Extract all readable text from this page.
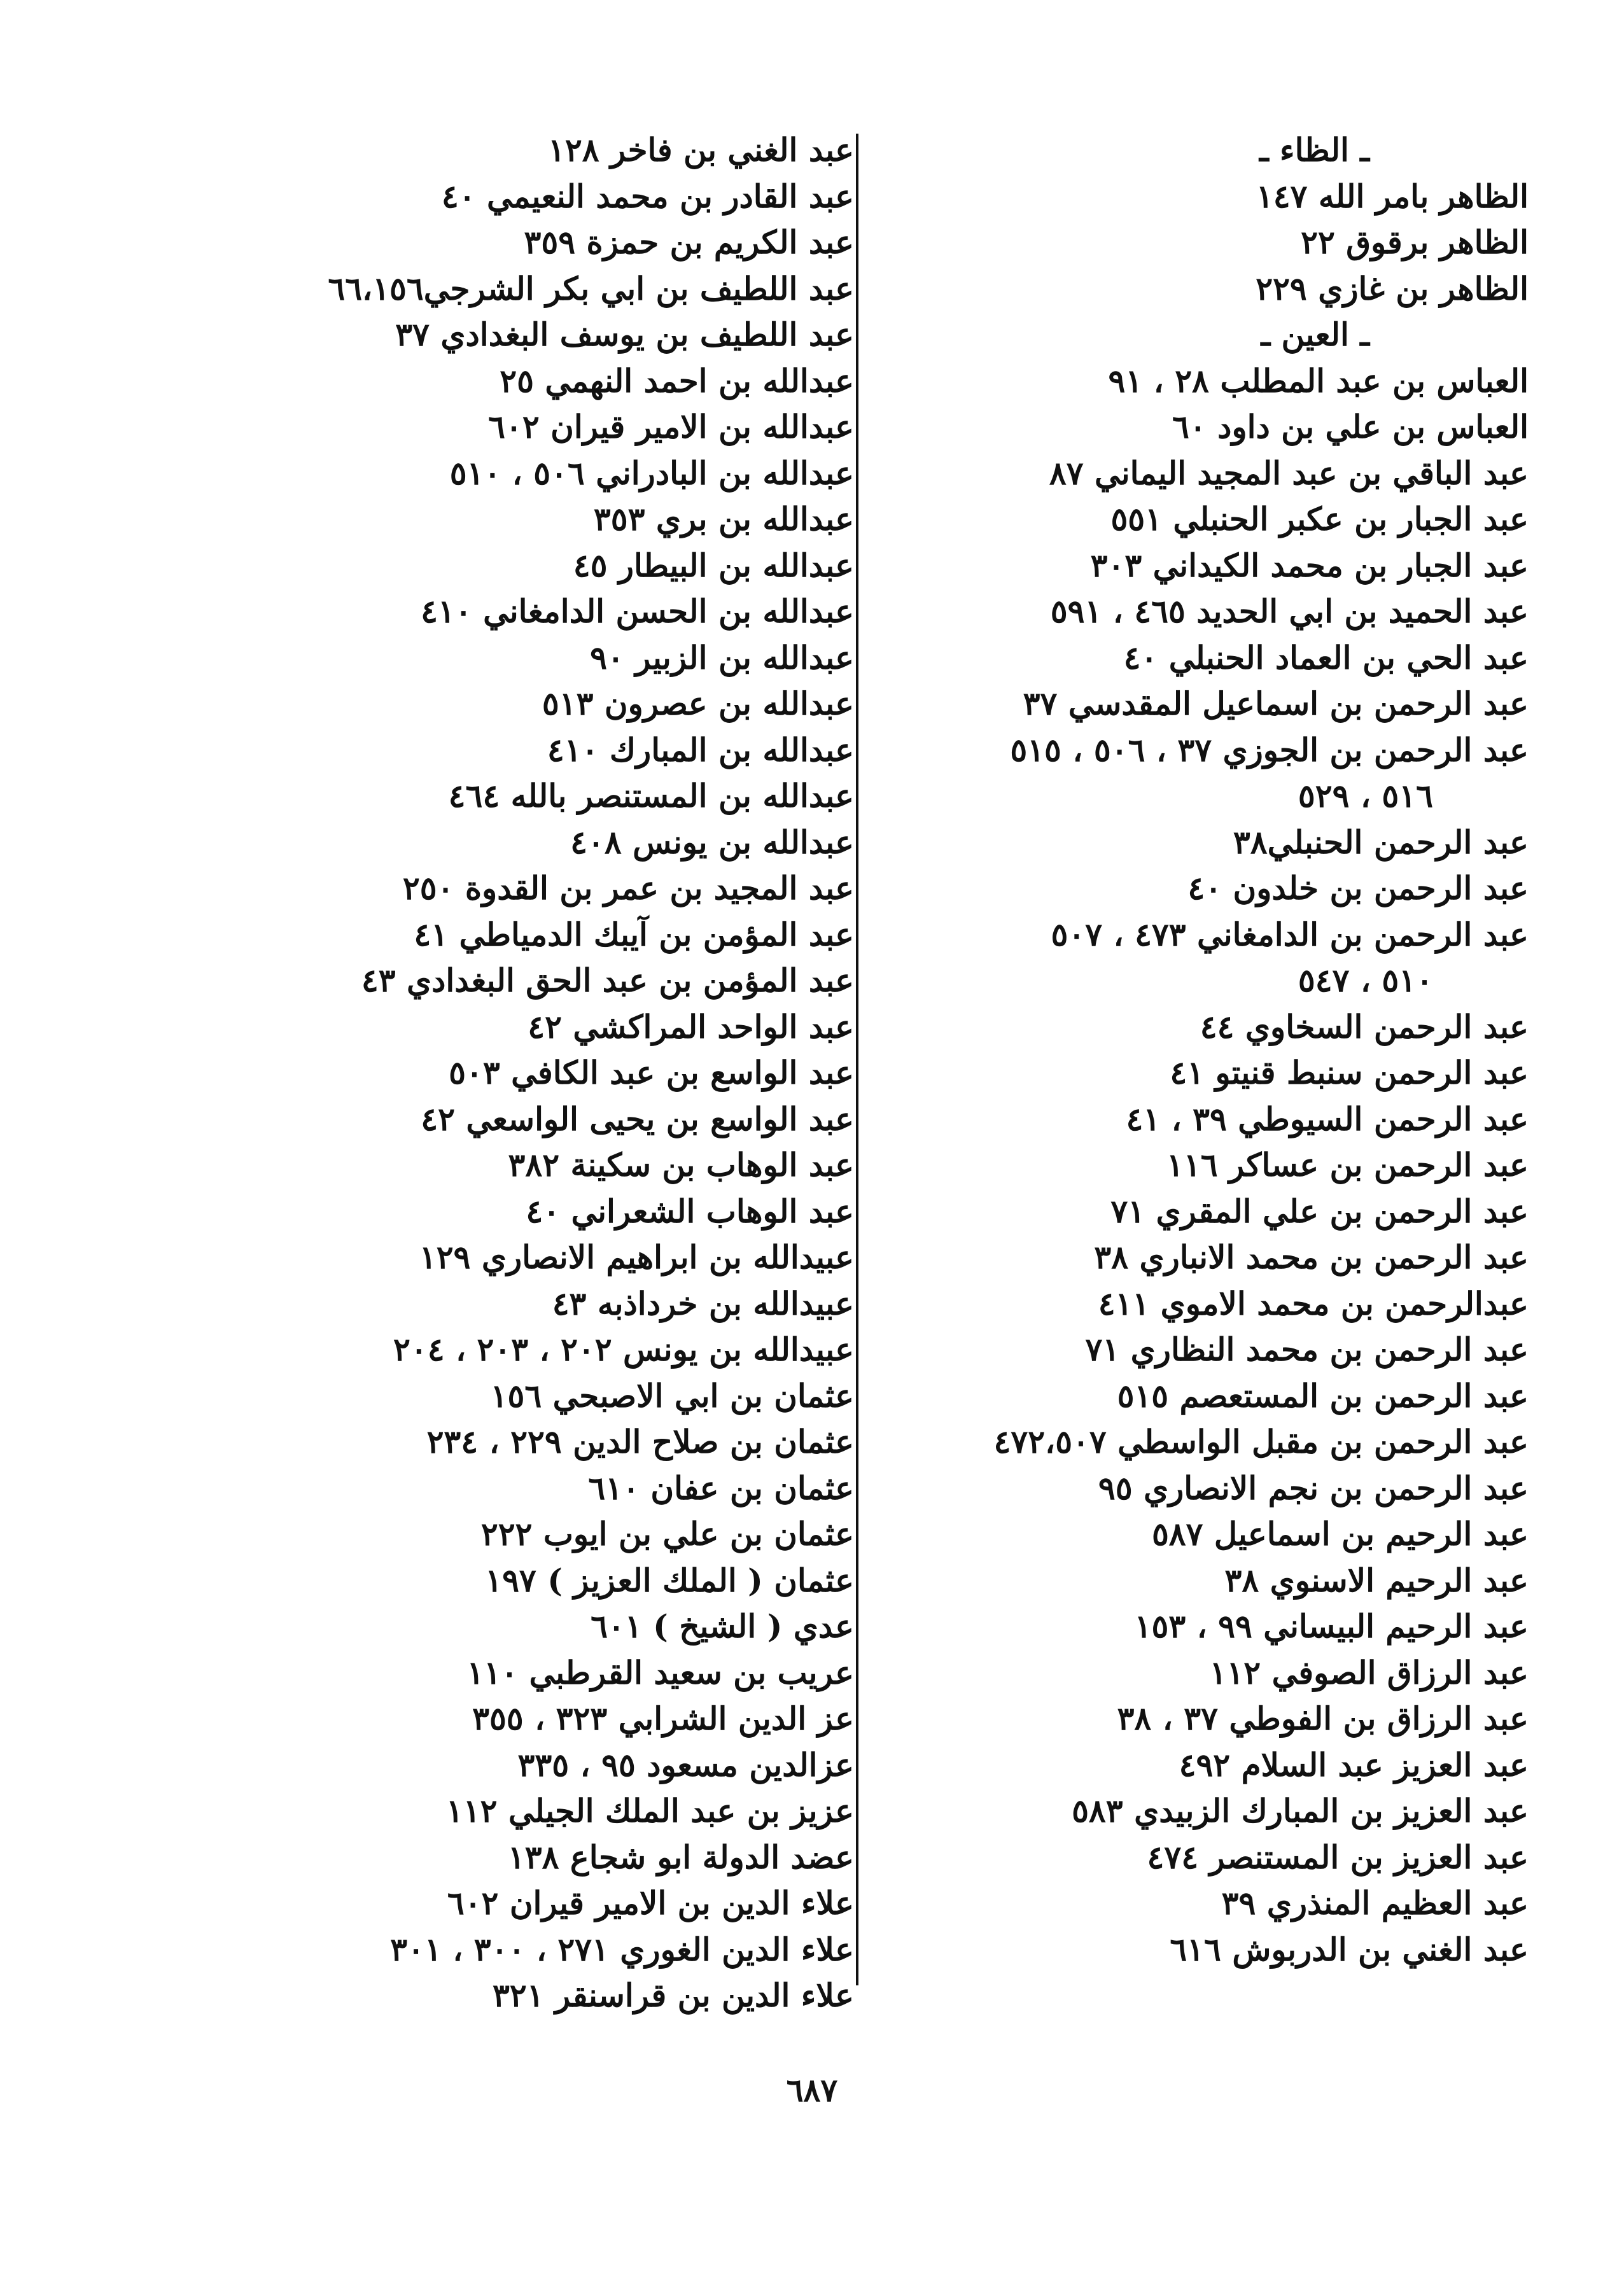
ـ الظاء ـ
الظاهر بامر الله ١٤٧
الظاهر برقوق ٢٢
الظاهر بن غازي ٢٢٩
ـ العين ـ
العباس بن عبد المطلب ٢٨ ، ٩١
العباس بن علي بن داود ٦٠
عبد الباقي بن عبد المجيد اليماني ٨٧
عبد الجبار بن عكبر الحنبلي ٥٥١
عبد الجبار بن محمد الكيداني ٣٠٣
عبد الحميد بن ابي الحديد ٤٦٥ ، ٥٩١
عبد الحي بن العماد الحنبلي ٤٠
عبد الرحمن بن اسماعيل المقدسي ٣٧
عبد الرحمن بن الجوزي ٣٧ ، ٥٠٦ ، ٥١٥
٥١٦ ، ٥٢٩
عبد الرحمن الحنبلي٣٨
عبد الرحمن بن خلدون ٤٠
عبد الرحمن بن الدامغاني ٤٧٣ ، ٥٠٧
٥١٠ ، ٥٤٧
عبد الرحمن السخاوي ٤٤
عبد الرحمن سنبط قنيتو ٤١
عبد الرحمن السيوطي ٣٩ ، ٤١
عبد الرحمن بن عساكر ١١٦
عبد الرحمن بن علي المقري ٧١
عبد الرحمن بن محمد الانباري ٣٨
عبدالرحمن بن محمد الاموي ٤١١
عبد الرحمن بن محمد النظاري ٧١
عبد الرحمن بن المستعصم ٥١٥
عبد الرحمن بن مقبل الواسطي ٤٧٢،٥٠٧
عبد الرحمن بن نجم الانصاري ٩٥
عبد الرحيم بن اسماعيل ٥٨٧
عبد الرحيم الاسنوي ٣٨
عبد الرحيم البيساني ٩٩ ، ١٥٣
عبد الرزاق الصوفي ١١٢
عبد الرزاق بن الفوطي ٣٧ ، ٣٨
عبد العزيز عبد السلام ٤٩٢
عبد العزيز بن المبارك الزبيدي ٥٨٣
عبد العزيز بن المستنصر ٤٧٤
عبد العظيم المنذري ٣٩
عبد الغني بن الدربوش ٦١٦
عبد الغني بن فاخر ١٢٨
عبد القادر بن محمد النعيمي ٤٠
عبد الكريم بن حمزة ٣٥٩
عبد اللطيف بن ابي بكر الشرجي٦٦،١٥٦
عبد اللطيف بن يوسف البغدادي ٣٧
عبدالله بن احمد النهمي ٢٥
عبدالله بن الامير قيران ٦٠٢
عبدالله بن البادراني ٥٠٦ ، ٥١٠
عبدالله بن بري ٣٥٣
عبدالله بن البيطار ٤٥
عبدالله بن الحسن الدامغاني ٤١٠
عبدالله بن الزبير ٩٠
عبدالله بن عصرون ٥١٣
عبدالله بن المبارك ٤١٠
عبدالله بن المستنصر بالله ٤٦٤
عبدالله بن يونس ٤٠٨
عبد المجيد بن عمر بن القدوة ٢٥٠
عبد المؤمن بن آيبك الدمياطي ٤١
عبد المؤمن بن عبد الحق البغدادي ٤٣
عبد الواحد المراكشي ٤٢
عبد الواسع بن عبد الكافي ٥٠٣
عبد الواسع بن يحيى الواسعي ٤٢
عبد الوهاب بن سكينة ٣٨٢
عبد الوهاب الشعراني ٤٠
عبيدالله بن ابراهيم الانصاري ١٢٩
عبيدالله بن خرداذبه ٤٣
عبيدالله بن يونس ٢٠٢ ، ٢٠٣ ، ٢٠٤
عثمان بن ابي الاصبحي ١٥٦
عثمان بن صلاح الدين ٢٢٩ ، ٢٣٤
عثمان بن عفان ٦١٠
عثمان بن علي بن ايوب ٢٢٢
عثمان ( الملك العزيز ) ١٩٧
عدي ( الشيخ ) ٦٠١
عريب بن سعيد القرطبي ١١٠
عز الدين الشرابي ٣٢٣ ، ٣٥٥
عزالدين مسعود ٩٥ ، ٣٣٥
عزيز بن عبد الملك الجيلي ١١٢
عضد الدولة ابو شجاع ١٣٨
علاء الدين بن الامير قيران ٦٠٢
علاء الدين الغوري ٢٧١ ، ٣٠٠ ، ٣٠١
علاء الدين بن قراسنقر ٣٢١
٦٨٧
